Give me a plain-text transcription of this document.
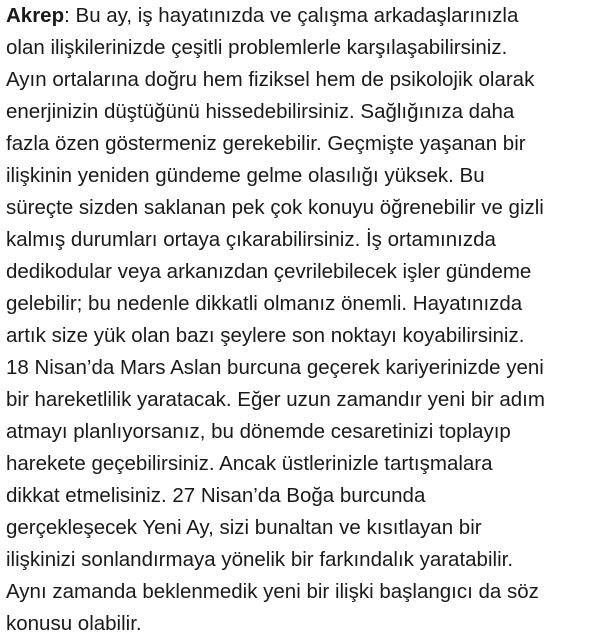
Akrep: Bu ay, iş hayatınızda ve çalışma arkadaşlarınızla
olan ilişkilerinizde çeşitli problemlerle karşılaşabilirsiniz.
Ayın ortalarına doğru hem fiziksel hem de psikolojik olarak
enerjinizin düştüğünü hissedebilirsiniz. Sağlığınıza daha
fazla özen göstermeniz gerekebilir. Geçmişte yaşanan bir
ilişkinin yeniden gündeme gelme olasılığı yüksek. Bu
süreçte sizden saklanan pek çok konuyu öğrenebilir ve gizli
kalmış durumları ortaya çıkarabilirsiniz. İş ortamınızda
dedikodular veya arkanızdan çevrilebilecek işler gündeme
gelebilir; bu nedenle dikkatli olmanız önemli. Hayatınızda
artık size yük olan bazı şeylere son noktayı koyabilirsiniz.
18 Nisan’da Mars Aslan burcuna geçerek kariyerinizde yeni
bir hareketlilik yaratacak. Eğer uzun zamandır yeni bir adım
atmayı planlıyorsanız, bu dönemde cesaretinizi toplayıp
harekete geçebilirsiniz. Ancak üstlerinizle tartışmalara
dikkat etmelisiniz. 27 Nisan’da Boğa burcunda
gerçekleşecek Yeni Ay, sizi bunaltan ve kısıtlayan bir
ilişkinizi sonlandırmaya yönelik bir farkındalık yaratabilir.
Aynı zamanda beklenmedik yeni bir ilişki başlangıcı da söz
konusu olabilir.
